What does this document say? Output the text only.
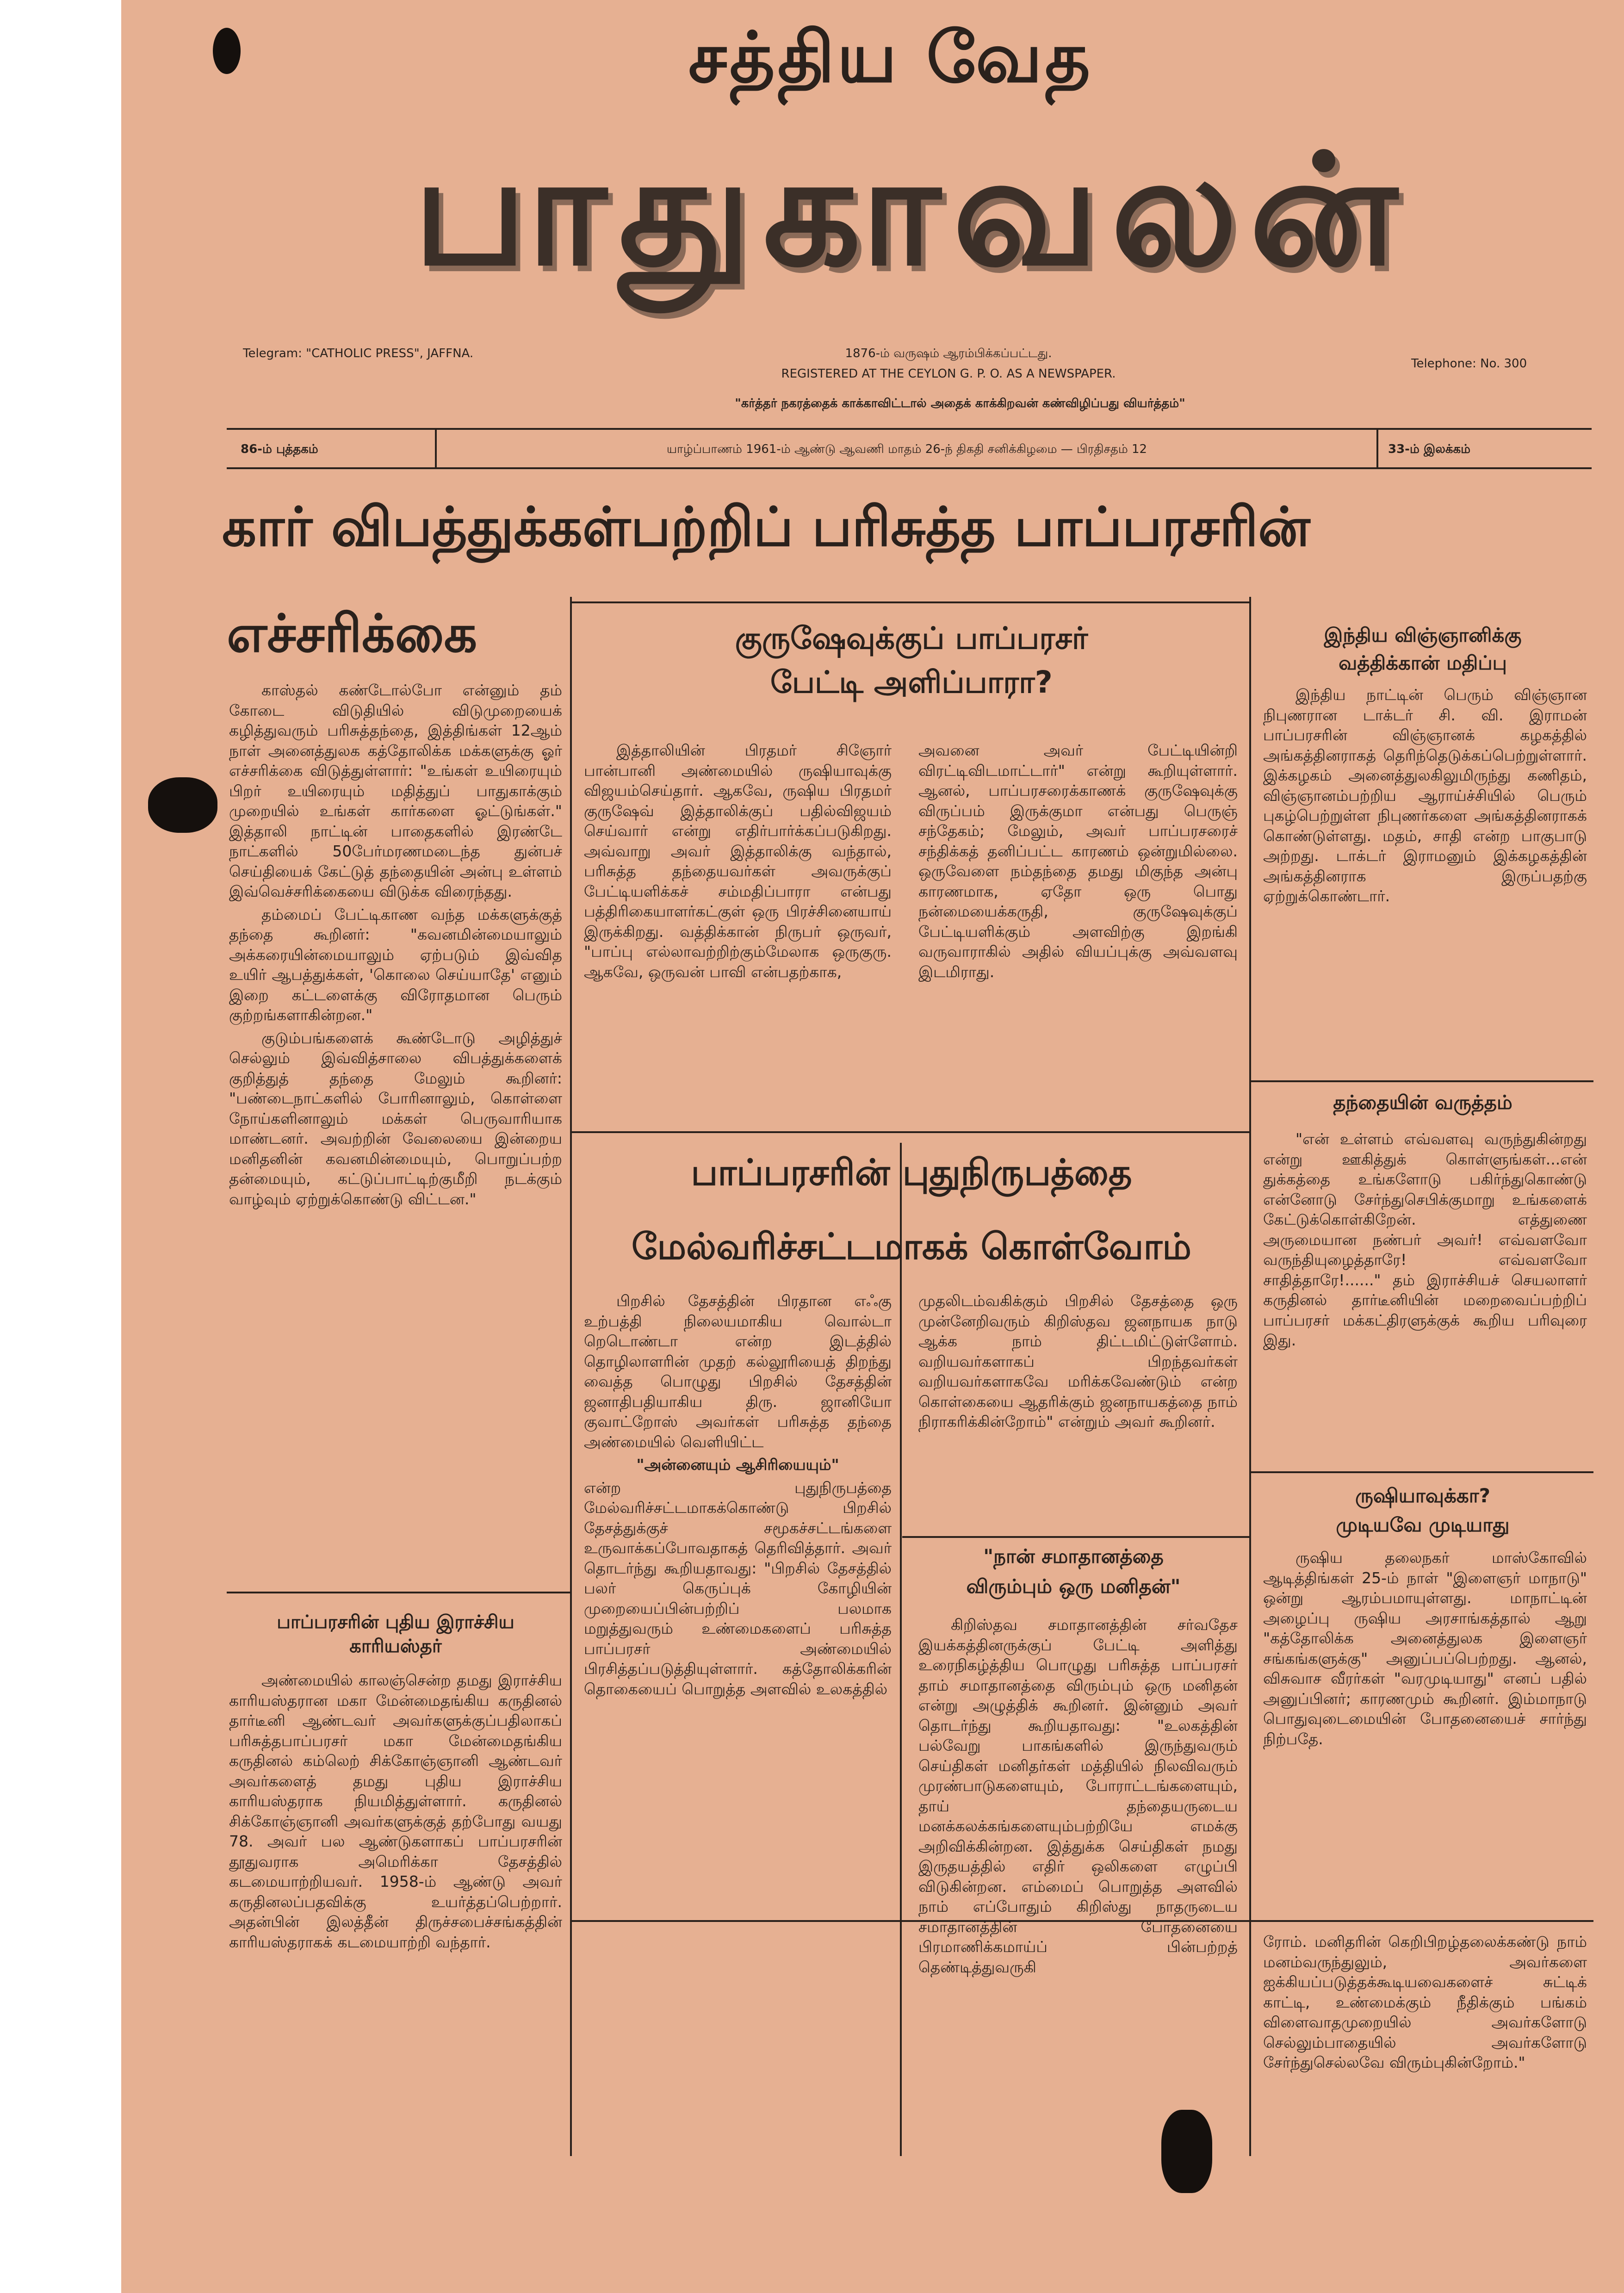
சத்திய வேத
பாதுகாவலன்
Telegram: "CATHOLIC PRESS", JAFFNA.	1876-ம் வருஷம் ஆரம்பிக்கப்பட்டது.
REGISTERED AT THE CEYLON G. P. O. AS A NEWSPAPER.
Telephone: No. 300
"கர்த்தர் நகரத்தைக் காக்காவிட்டால் அதைக் காக்கிறவன் கண்விழிப்பது வியர்த்தம்"
86-ம் புத்தகம்	யாழ்ப்பாணம் 1961-ம் ஆண்டு ஆவணி மாதம் 26-ந் திகதி சனிக்கிழமை — பிரதிசதம் 12	33-ம் இலக்கம்
கார் விபத்துக்கள்பற்றிப் பரிசுத்த பாப்பரசரின்
எச்சரிக்கை

காஸ்தல் கண்டோல்போ என்னும் தம் கோடை விடுதியில் விடுமுறையைக் கழித்துவரும் பரிசுத்தந்தை, இத்திங்கள் 12ஆம் நாள் அனைத்துலக கத்தோலிக்க மக்களுக்கு ஓர் எச்சரிக்கை விடுத்துள்ளார்: "உங்கள் உயிரையும் பிறர் உயிரையும் மதித்துப் பாதுகாக்கும் முறையில் உங்கள் கார்களை ஓட்டுங்கள்." இத்தாலி நாட்டின் பாதைகளில் இரண்டே நாட்களில் 50பேர்மரணமடைந்த துன்பச் செய்தியைக் கேட்டுத் தந்தையின் அன்பு உள்ளம் இவ்வெச்சரிக்கையை விடுக்க விரைந்தது.

தம்மைப் பேட்டிகாண வந்த மக்களுக்குத் தந்தை கூறினர்: "கவனமின்மையாலும் அக்கரையின்மையாலும் ஏற்படும் இவ்வித உயிர் ஆபத்துக்கள், 'கொலை செய்யாதே' எனும் இறை கட்டளைக்கு விரோதமான பெரும் குற்றங்களாகின்றன."

குடும்பங்களைக் கூண்டோடு அழித்துச் செல்லும் இவ்வித்சாலை விபத்துக்களைக் குறித்துத் தந்தை மேலும் கூறினர்: "பண்டைநாட்களில் போரினாலும், கொள்ளை நோய்களினாலும் மக்கள் பெருவாரியாக மாண்டனர். அவற்றின் வேலையை இன்றைய மனிதனின் கவனமின்மையும், பொறுப்பற்ற தன்மையும், கட்டுப்பாட்டிற்குமீறி நடக்கும் வாழ்வும் ஏற்றுக்கொண்டு விட்டன."

பாப்பரசரின் புதிய இராச்சிய காரியஸ்தர்

அண்மையில் காலஞ்சென்ற தமது இராச்சிய காரியஸ்தரான மகா மேன்மைதங்கிய கருதினல் தார்டீனி ஆண்டவர் அவர்களுக்குப்பதிலாகப் பரிசுத்தபாப்பரசர் மகா மேன்மைதங்கிய கருதினல் கம்லெற் சிக்கோஞ்ஞானி ஆண்டவர் அவர்களைத் தமது புதிய இராச்சிய காரியஸ்தராக நியமித்துள்ளார். கருதினல் சிக்கோஞ்ஞானி அவர்களுக்குத் தற்போது வயது 78. அவர் பல ஆண்டுகளாகப் பாப்பரசரின் தூதுவராக அமெரிக்கா தேசத்தில் கடமையாற்றியவர். 1958-ம் ஆண்டு அவர் கருதினலப்பதவிக்கு உயர்த்தப்பெற்றார். அதன்பின் இலத்தீன் திருச்சபைச்சங்கத்தின் காரியஸ்தராகக் கடமையாற்றி வந்தார்.

குருஷேவுக்குப் பாப்பரசர்
பேட்டி அளிப்பாரா?

இத்தாலியின் பிரதமர் சிஞோர் பான்பானி அண்மையில் ருஷியாவுக்கு விஜயம்செய்தார். ஆகவே, ருஷிய பிரதமர் குருஷேவ் இத்தாலிக்குப் பதில்விஜயம் செய்வார் என்று எதிர்பார்க்கப்படுகிறது. அவ்வாறு அவர் இத்தாலிக்கு வந்தால், பரிசுத்த தந்தையவர்கள் அவருக்குப் பேட்டியளிக்கச் சம்மதிப்பாரா என்பது பத்திரிகையாளர்கட்குள் ஒரு பிரச்சினையாய் இருக்கிறது. வத்திக்கான் நிருபர் ஒருவர், "பாப்பு எல்லாவற்றிற்கும்மேலாக ஒருகுரு. ஆகவே, ஒருவன் பாவி என்பதற்காக,

அவனை அவர் பேட்டியின்றி விரட்டிவிடமாட்டார்" என்று கூறியுள்ளார். ஆனல், பாப்பரசரைக்காணக் குருஷேவுக்கு விருப்பம் இருக்குமா என்பது பெருஞ் சந்தேகம்; மேலும், அவர் பாப்பரசரைச் சந்திக்கத் தனிப்பட்ட காரணம் ஒன்றுமில்லை. ஒருவேளை நம்தந்தை தமது மிகுந்த அன்பு காரணமாக, ஏதோ ஒரு பொது நன்மையைக்கருதி, குருஷேவுக்குப் பேட்டியளிக்கும் அளவிற்கு இறங்கி வருவாராகில் அதில் வியப்புக்கு அவ்வளவு இடமிராது.

பாப்பரசரின் புதுநிருபத்தை
மேல்வரிச்சட்டமாகக் கொள்வோம்

பிறசில் தேசத்தின் பிரதான எஃகு உற்பத்தி நிலையமாகிய வொல்டா றெடொண்டா என்ற இடத்தில் தொழிலாளரின் முதற் கல்லூரியைத் திறந்து வைத்த பொழுது பிறசில் தேசத்தின் ஜனாதிபதியாகிய திரு. ஜானியோ குவாட்றோஸ் அவர்கள் பரிசுத்த தந்தை அண்மையில் வெளியிட்ட

"அன்னையும் ஆசிரியையும்"

என்ற புதுநிருபத்தை மேல்வரிச்சட்டமாகக்கொண்டு பிறசில் தேசத்துக்குச் சமூகச்சட்டங்களை உருவாக்கப்போவதாகத் தெரிவித்தார். அவர் தொடர்ந்து கூறியதாவது: "பிறசில் தேசத்தில் பலர் கெருப்புக் கோழியின் முறையைப்பின்பற்றிப் பலமாக மறுத்துவரும் உண்மைகளைப் பரிசுத்த பாப்பரசர் அண்மையில் பிரசித்தப்படுத்தியுள்ளார். கத்தோலிக்கரின் தொகையைப் பொறுத்த அளவில் உலகத்தில்

முதலிடம்வகிக்கும் பிறசில் தேசத்தை ஒரு முன்னேறிவரும் கிறிஸ்தவ ஜனநாயக நாடு ஆக்க நாம் திட்டமிட்டுள்ளோம். வறியவர்களாகப் பிறந்தவர்கள் வறியவர்களாகவே மரிக்கவேண்டும் என்ற கொள்கையை ஆதரிக்கும் ஜனநாயகத்தை நாம் நிராகரிக்கின்றோம்" என்றும் அவர் கூறினர்.

"நான் சமாதானத்தை
விரும்பும் ஒரு மனிதன்"

கிறிஸ்தவ சமாதானத்தின் சர்வதேச இயக்கத்தினருக்குப் பேட்டி அளித்து உரைநிகழ்த்திய பொழுது பரிசுத்த பாப்பரசர் தாம் சமாதானத்தை விரும்பும் ஒரு மனிதன் என்று அழுத்திக் கூறினர். இன்னும் அவர் தொடர்ந்து கூறியதாவது: "உலகத்தின் பல்வேறு பாகங்களில் இருந்துவரும் செய்திகள் மனிதர்கள் மத்தியில் நிலவிவரும் முரண்பாடுகளையும், போராட்டங்களையும், தாய் தந்தையருடைய மனக்கலக்கங்களையும்பற்றியே எமக்கு அறிவிக்கின்றன. இத்துக்க செய்திகள் நமது இருதயத்தில் எதிர் ஒலிகளை எழுப்பி விடுகின்றன. எம்மைப் பொறுத்த அளவில் நாம் எப்போதும் கிறிஸ்து நாதருடைய சமாதானத்தின் போதனையை பிரமாணிக்கமாய்ப் பின்பற்றத் தெண்டித்துவருகி

இந்திய விஞ்ஞானிக்கு
வத்திக்கான் மதிப்பு

இந்திய நாட்டின் பெரும் விஞ்ஞான நிபுணரான டாக்டர் சி. வி. இராமன் பாப்பரசரின் விஞ்ஞானக் கழகத்தில் அங்கத்தினராகத் தெரிந்தெடுக்கப்பெற்றுள்ளார். இக்கழகம் அனைத்துலகிலுமிருந்து கணிதம், விஞ்ஞானம்பற்றிய ஆராய்ச்சியில் பெரும் புகழ்பெற்றுள்ள நிபுணர்களை அங்கத்தினராகக் கொண்டுள்ளது. மதம், சாதி என்ற பாகுபாடு அற்றது. டாக்டர் இராமனும் இக்கழகத்தின் அங்கத்தினராக இருப்பதற்கு ஏற்றுக்கொண்டார்.

தந்தையின் வருத்தம்

"என் உள்ளம் எவ்வளவு வருந்துகின்றது என்று ஊகித்துக் கொள்ளுங்கள்...என் துக்கத்தை உங்களோடு பகிர்ந்துகொண்டு என்னோடு சேர்ந்துசெபிக்குமாறு உங்களைக் கேட்டுக்கொள்கிறேன். எத்துணை அருமையான நண்பர் அவர்! எவ்வளவோ வருந்தியுழைத்தாரே! எவ்வளவோ சாதித்தாரே!......" தம் இராச்சியச் செயலாளர் கருதினல் தார்டீனியின் மறைவைப்பற்றிப் பாப்பரசர் மக்கட்திரளுக்குக் கூறிய பரிவுரை இது.

ருஷியாவுக்கா?
முடியவே முடியாது

ருஷிய தலைநகர் மாஸ்கோவில் ஆடித்திங்கள் 25-ம் நாள் "இளைஞர் மாநாடு" ஒன்று ஆரம்பமாயுள்ளது. மாநாட்டின் அழைப்பு ருஷிய அரசாங்கத்தால் ஆறு "கத்தோலிக்க அனைத்துலக இளைஞர் சங்கங்களுக்கு" அனுப்பப்பெற்றது. ஆனல், விசுவாச வீரர்கள் "வரமுடியாது" எனப் பதில் அனுப்பினர்; காரணமும் கூறினர். இம்மாநாடு பொதுவுடைமையின் போதனையைச் சார்ந்து நிற்பதே.

ரோம். மனிதரின் கெறிபிறழ்தலைக்கண்டு நாம் மனம்வருந்துலும், அவர்களை ஐக்கியப்படுத்தக்கூடியவைகளைச் சுட்டிக் காட்டி, உண்மைக்கும் நீதிக்கும் பங்கம் விளைவாதமுறையில் அவர்களோடு செல்லும்பாதையில் அவர்களோடு சேர்ந்துசெல்லவே விரும்புகின்றோம்."
